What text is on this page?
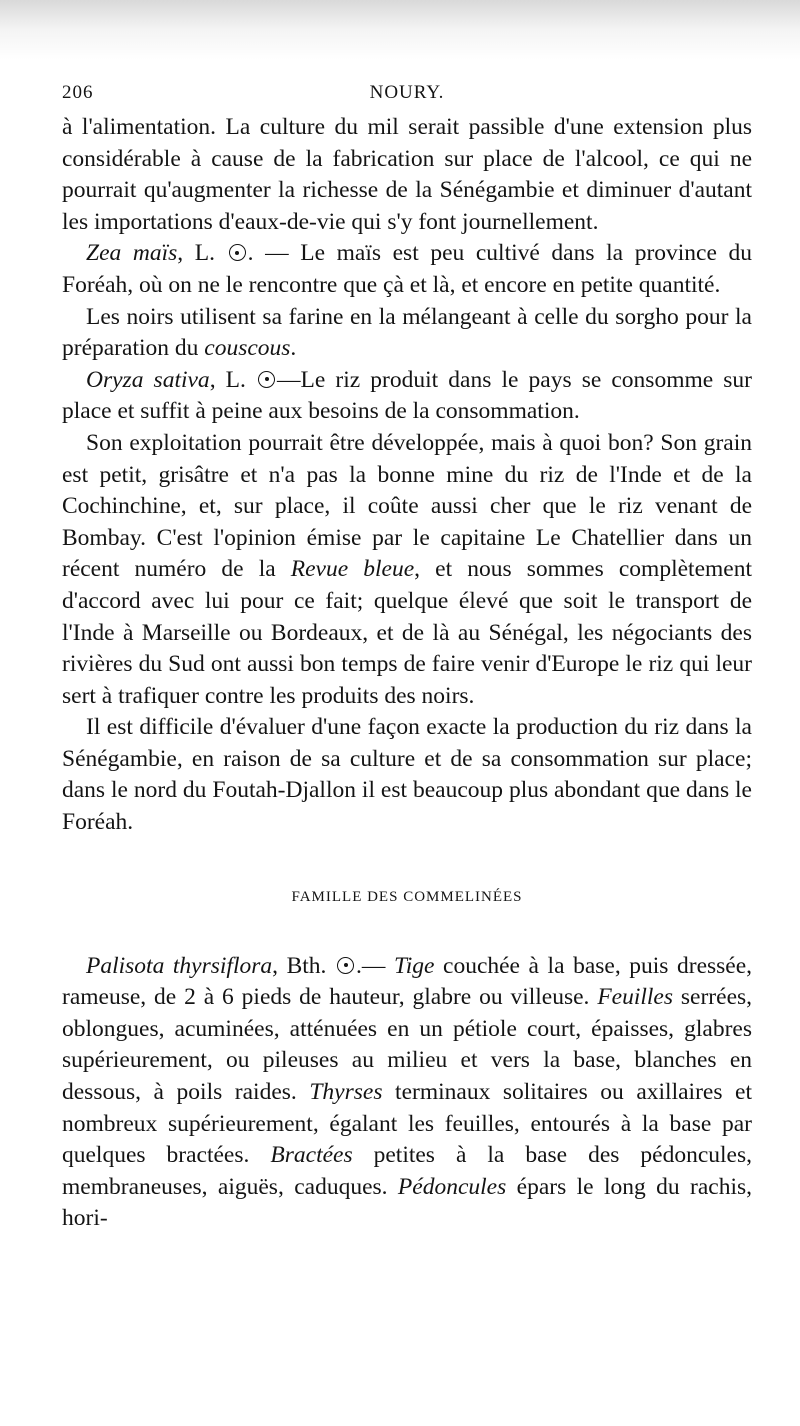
206	NOURY.

à l'alimentation. La culture du mil serait passible d'une extension plus considérable à cause de la fabrication sur place de l'alcool, ce qui ne pourrait qu'augmenter la richesse de la Sénégambie et diminuer d'autant les importations d'eaux-de-vie qui s'y font journellement.

Zea maïs, L. . — Le maïs est peu cultivé dans la province du Foréah, où on ne le rencontre que çà et là, et encore en petite quantité.

Les noirs utilisent sa farine en la mélangeant à celle du sorgho pour la préparation du couscous.

Oryza sativa, L. —Le riz produit dans le pays se consomme sur place et suffit à peine aux besoins de la consommation.

Son exploitation pourrait être développée, mais à quoi bon? Son grain est petit, grisâtre et n'a pas la bonne mine du riz de l'Inde et de la Cochinchine, et, sur place, il coûte aussi cher que le riz venant de Bombay. C'est l'opinion émise par le capitaine Le Chatellier dans un récent numéro de la Revue bleue, et nous sommes complètement d'accord avec lui pour ce fait; quelque élevé que soit le transport de l'Inde à Marseille ou Bordeaux, et de là au Sénégal, les négociants des rivières du Sud ont aussi bon temps de faire venir d'Europe le riz qui leur sert à trafiquer contre les produits des noirs.

Il est difficile d'évaluer d'une façon exacte la production du riz dans la Sénégambie, en raison de sa culture et de sa consommation sur place; dans le nord du Foutah-Djallon il est beaucoup plus abondant que dans le Foréah.

FAMILLE DES COMMELINÉES

Palisota thyrsiflora, Bth. .— Tige couchée à la base, puis dressée, rameuse, de 2 à 6 pieds de hauteur, glabre ou villeuse. Feuilles serrées, oblongues, acuminées, atténuées en un pétiole court, épaisses, glabres supérieurement, ou pileuses au milieu et vers la base, blanches en dessous, à poils raides. Thyrses terminaux solitaires ou axillaires et nombreux supérieurement, égalant les feuilles, entourés à la base par quelques bractées. Bractées petites à la base des pédoncules, membraneuses, aiguës, caduques. Pédoncules épars le long du rachis, hori-
